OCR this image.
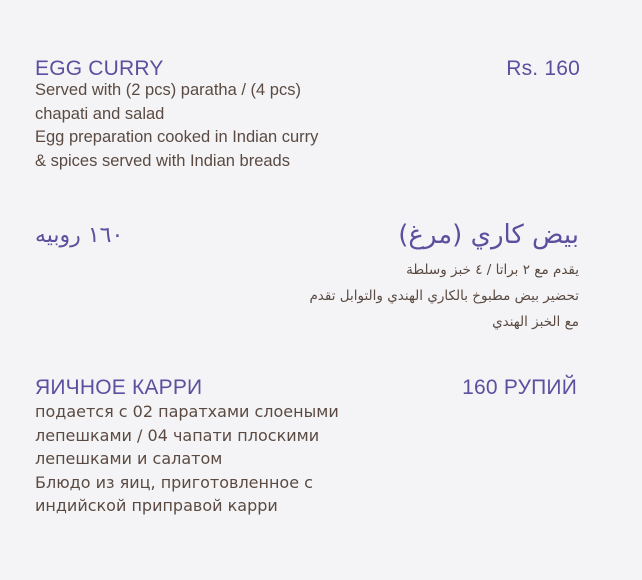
EGG CURRY	Rs. 160
Served with (2 pcs) paratha / (4 pcs)
chapati and salad
Egg preparation cooked in Indian curry
& spices served with Indian breads
بيض كاري (مرغ)
١٦٠ روبيه
يقدم مع ٢ براتا / ٤ خبز وسلطة
تحضير بيض مطبوخ بالكاري الهندي والتوابل تقدم
مع الخبز الهندي
ЯИЧНОЕ КАРРИ	160 РУПИЙ
подается с 02 паратхами слоеными
лепешками / 04 чапати плоскими
лепешками и салатом
Блюдо из яиц, приготовленное с
индийской приправой карри
